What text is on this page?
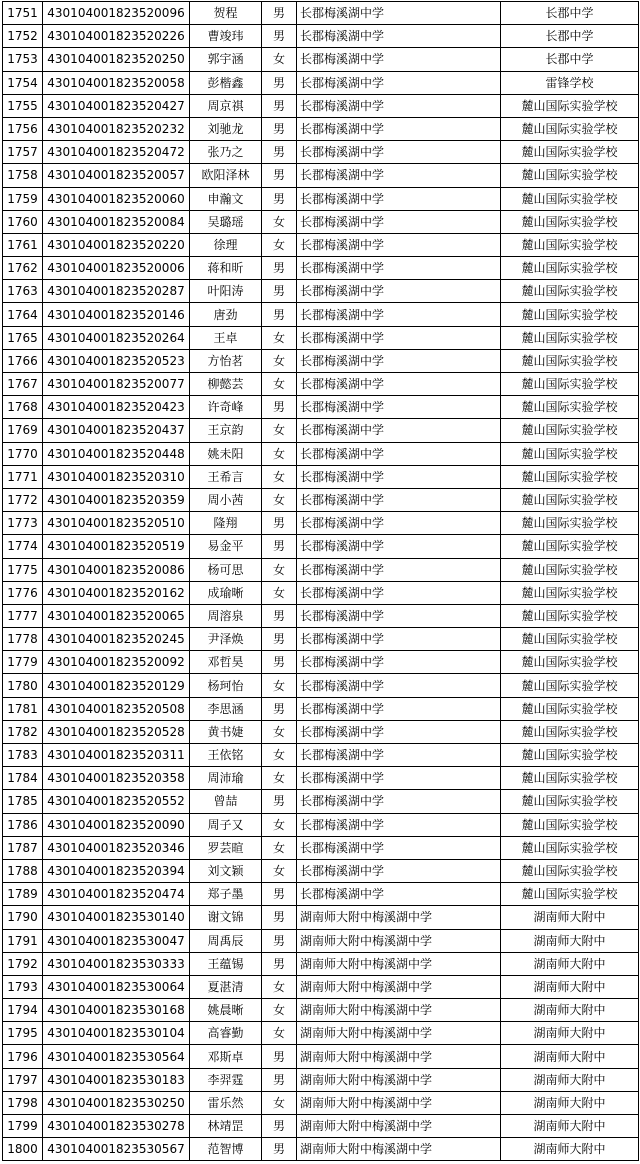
1751	430104001823520096	贺程	男	长郡梅溪湖中学	长郡中学
1752	430104001823520226	曹竣玮	男	长郡梅溪湖中学	长郡中学
1753	430104001823520250	郭宇涵	女	长郡梅溪湖中学	长郡中学
1754	430104001823520058	彭楷鑫	男	长郡梅溪湖中学	雷锋学校
1755	430104001823520427	周京祺	男	长郡梅溪湖中学	麓山国际实验学校
1756	430104001823520232	刘驰龙	男	长郡梅溪湖中学	麓山国际实验学校
1757	430104001823520472	张乃之	男	长郡梅溪湖中学	麓山国际实验学校
1758	430104001823520057	欧阳泽林	男	长郡梅溪湖中学	麓山国际实验学校
1759	430104001823520060	申瀚文	男	长郡梅溪湖中学	麓山国际实验学校
1760	430104001823520084	吴璐瑶	女	长郡梅溪湖中学	麓山国际实验学校
1761	430104001823520220	徐理	女	长郡梅溪湖中学	麓山国际实验学校
1762	430104001823520006	蒋和昕	男	长郡梅溪湖中学	麓山国际实验学校
1763	430104001823520287	叶阳涛	男	长郡梅溪湖中学	麓山国际实验学校
1764	430104001823520146	唐劲	男	长郡梅溪湖中学	麓山国际实验学校
1765	430104001823520264	王卓	女	长郡梅溪湖中学	麓山国际实验学校
1766	430104001823520523	方怡茗	女	长郡梅溪湖中学	麓山国际实验学校
1767	430104001823520077	柳懿芸	女	长郡梅溪湖中学	麓山国际实验学校
1768	430104001823520423	许奇峰	男	长郡梅溪湖中学	麓山国际实验学校
1769	430104001823520437	王京韵	女	长郡梅溪湖中学	麓山国际实验学校
1770	430104001823520448	姚未阳	女	长郡梅溪湖中学	麓山国际实验学校
1771	430104001823520310	王希言	女	长郡梅溪湖中学	麓山国际实验学校
1772	430104001823520359	周小茜	女	长郡梅溪湖中学	麓山国际实验学校
1773	430104001823520510	隆翔	男	长郡梅溪湖中学	麓山国际实验学校
1774	430104001823520519	易金平	男	长郡梅溪湖中学	麓山国际实验学校
1775	430104001823520086	杨可思	女	长郡梅溪湖中学	麓山国际实验学校
1776	430104001823520162	成瑜晰	女	长郡梅溪湖中学	麓山国际实验学校
1777	430104001823520065	周溶泉	男	长郡梅溪湖中学	麓山国际实验学校
1778	430104001823520245	尹泽焕	男	长郡梅溪湖中学	麓山国际实验学校
1779	430104001823520092	邓哲昊	男	长郡梅溪湖中学	麓山国际实验学校
1780	430104001823520129	杨珂怡	女	长郡梅溪湖中学	麓山国际实验学校
1781	430104001823520508	李思涵	男	长郡梅溪湖中学	麓山国际实验学校
1782	430104001823520528	黄书婕	女	长郡梅溪湖中学	麓山国际实验学校
1783	430104001823520311	王依铭	女	长郡梅溪湖中学	麓山国际实验学校
1784	430104001823520358	周沛瑜	女	长郡梅溪湖中学	麓山国际实验学校
1785	430104001823520552	曾喆	男	长郡梅溪湖中学	麓山国际实验学校
1786	430104001823520090	周子又	女	长郡梅溪湖中学	麓山国际实验学校
1787	430104001823520346	罗芸暄	女	长郡梅溪湖中学	麓山国际实验学校
1788	430104001823520394	刘文颖	女	长郡梅溪湖中学	麓山国际实验学校
1789	430104001823520474	郑子墨	男	长郡梅溪湖中学	麓山国际实验学校
1790	430104001823530140	谢文锦	男	湖南师大附中梅溪湖中学	湖南师大附中
1791	430104001823530047	周禹辰	男	湖南师大附中梅溪湖中学	湖南师大附中
1792	430104001823530333	王蕴锡	男	湖南师大附中梅溪湖中学	湖南师大附中
1793	430104001823530064	夏湛清	女	湖南师大附中梅溪湖中学	湖南师大附中
1794	430104001823530168	姚晨晰	女	湖南师大附中梅溪湖中学	湖南师大附中
1795	430104001823530104	高睿勤	女	湖南师大附中梅溪湖中学	湖南师大附中
1796	430104001823530564	邓斯卓	男	湖南师大附中梅溪湖中学	湖南师大附中
1797	430104001823530183	李羿霆	男	湖南师大附中梅溪湖中学	湖南师大附中
1798	430104001823530250	雷乐然	女	湖南师大附中梅溪湖中学	湖南师大附中
1799	430104001823530278	林靖罡	男	湖南师大附中梅溪湖中学	湖南师大附中
1800	430104001823530567	范智博	男	湖南师大附中梅溪湖中学	湖南师大附中
